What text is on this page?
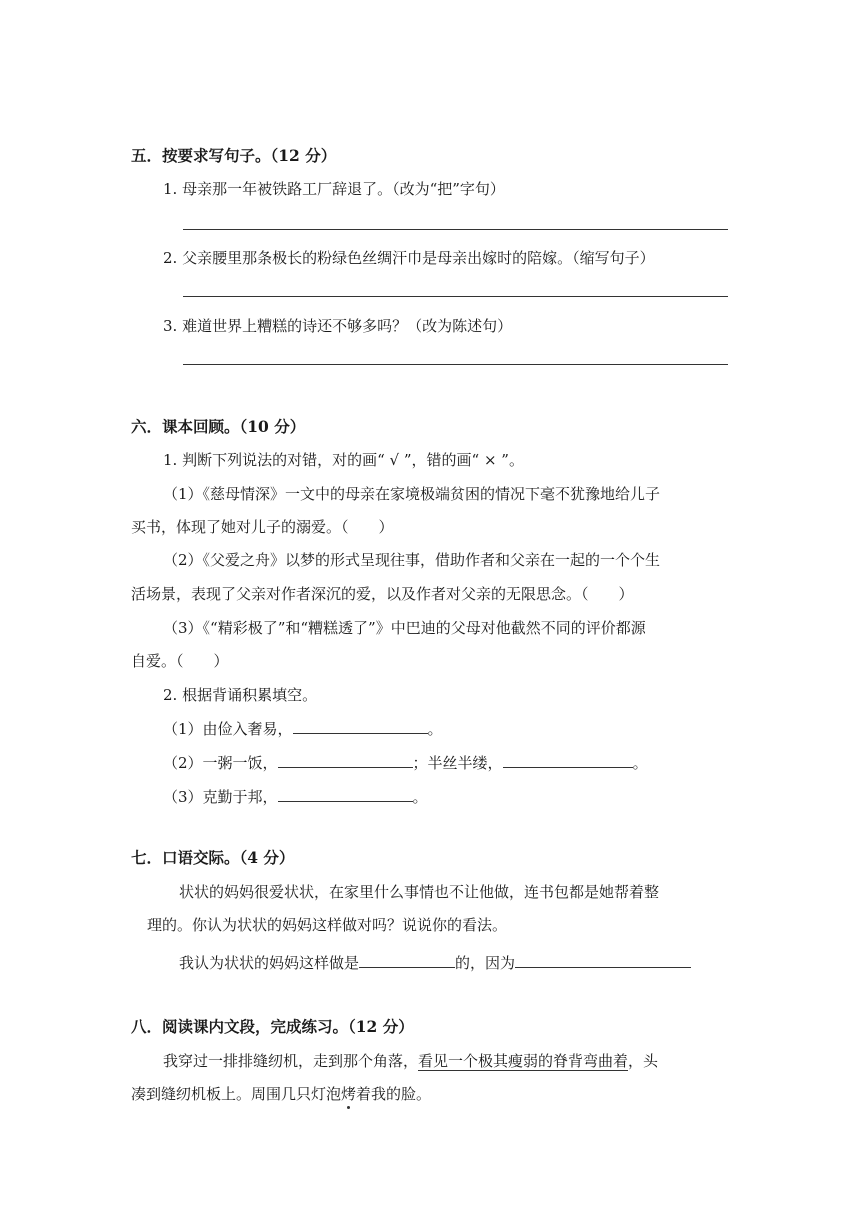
五．按要求写句子。（12 分）
1. 母亲那一年被铁路工厂辞退了。（改为“把”字句）
2. 父亲腰里那条极长的粉绿色丝绸汗巾是母亲出嫁时的陪嫁。（缩写句子）
3. 难道世界上糟糕的诗还不够多吗？（改为陈述句）
六．课本回顾。（10 分）
1. 判断下列说法的对错，对的画“ √ ”，错的画“ × ”。
（1）《慈母情深》一文中的母亲在家境极端贫困的情况下毫不犹豫地给儿子
买书，体现了她对儿子的溺爱。（　　）
（2）《父爱之舟》以梦的形式呈现往事，借助作者和父亲在一起的一个个生
活场景，表现了父亲对作者深沉的爱，以及作者对父亲的无限思念。（　　）
（3）《“精彩极了”和“糟糕透了”》中巴迪的父母对他截然不同的评价都源
自爱。（　　）
2. 根据背诵积累填空。
（1）由俭入奢易，	。
（2）一粥一饭，	；半丝半缕，	。
（3）克勤于邦，	。
七．口语交际。（4 分）
状状的妈妈很爱状状，在家里什么事情也不让他做，连书包都是她帮着整
理的。你认为状状的妈妈这样做对吗？说说你的看法。
我认为状状的妈妈这样做是	的，因为
八．阅读课内文段，完成练习。（12 分）
我穿过一排排缝纫机，走到那个角落，看见一个极其瘦弱的脊背弯曲着，头
凑到缝纫机板上。周围几只灯泡烤着我的脸。
